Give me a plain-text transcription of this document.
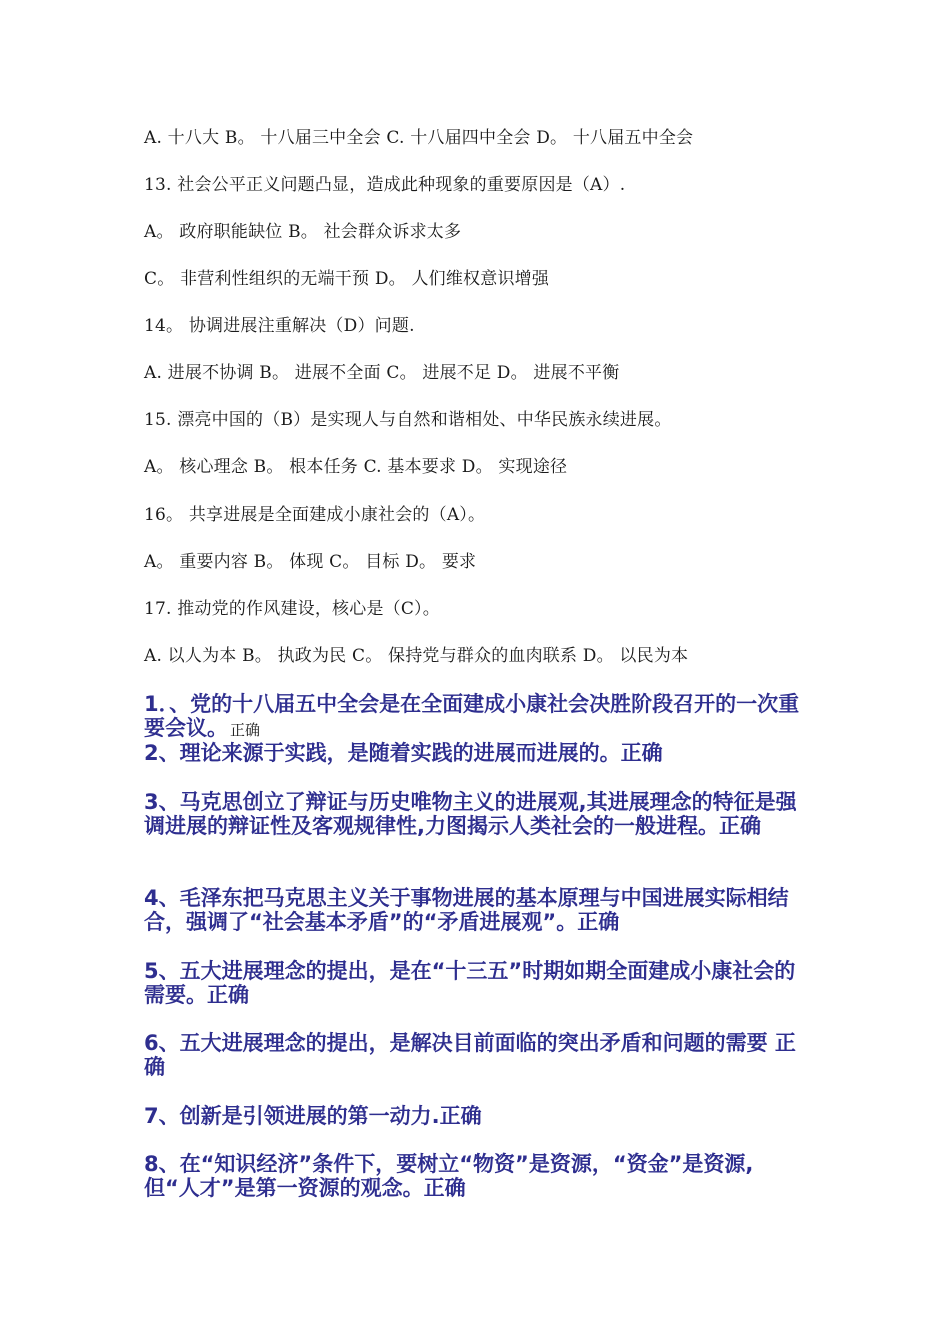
A. 十八大 B。 十八届三中全会 C. 十八届四中全会 D。 十八届五中全会
13. 社会公平正义问题凸显，造成此种现象的重要原因是（A）.
A。 政府职能缺位 B。 社会群众诉求太多
C。 非营利性组织的无端干预 D。 人们维权意识增强
14。 协调进展注重解决（D）问题.
A. 进展不协调 B。 进展不全面 C。 进展不足 D。 进展不平衡
15. 漂亮中国的（B）是实现人与自然和谐相处、中华民族永续进展。
A。 核心理念 B。 根本任务 C. 基本要求 D。 实现途径
16。 共享进展是全面建成小康社会的（A）。
A。 重要内容 B。 体现 C。 目标 D。 要求
17. 推动党的作风建设，核心是（C）。
A. 以人为本 B。 执政为民 C。 保持党与群众的血肉联系 D。 以民为本

1．、党的十八届五中全会是在全面建成小康社会决胜阶段召开的一次重要会议。 正确

2、理论来源于实践，是随着实践的进展而进展的。正确

3、马克思创立了辩证与历史唯物主义的进展观,其进展理念的特征是强调进展的辩证性及客观规律性,力图揭示人类社会的一般进程。正确

4、毛泽东把马克思主义关于事物进展的基本原理与中国进展实际相结合，强调了“社会基本矛盾”的“矛盾进展观”。正确

5、五大进展理念的提出，是在“十三五”时期如期全面建成小康社会的需要。正确

6、五大进展理念的提出，是解决目前面临的突出矛盾和问题的需要 正确

7、创新是引领进展的第一动力.正确

8、在“知识经济”条件下，要树立“物资”是资源，“资金”是资源,但“人才”是第一资源的观念。正确
